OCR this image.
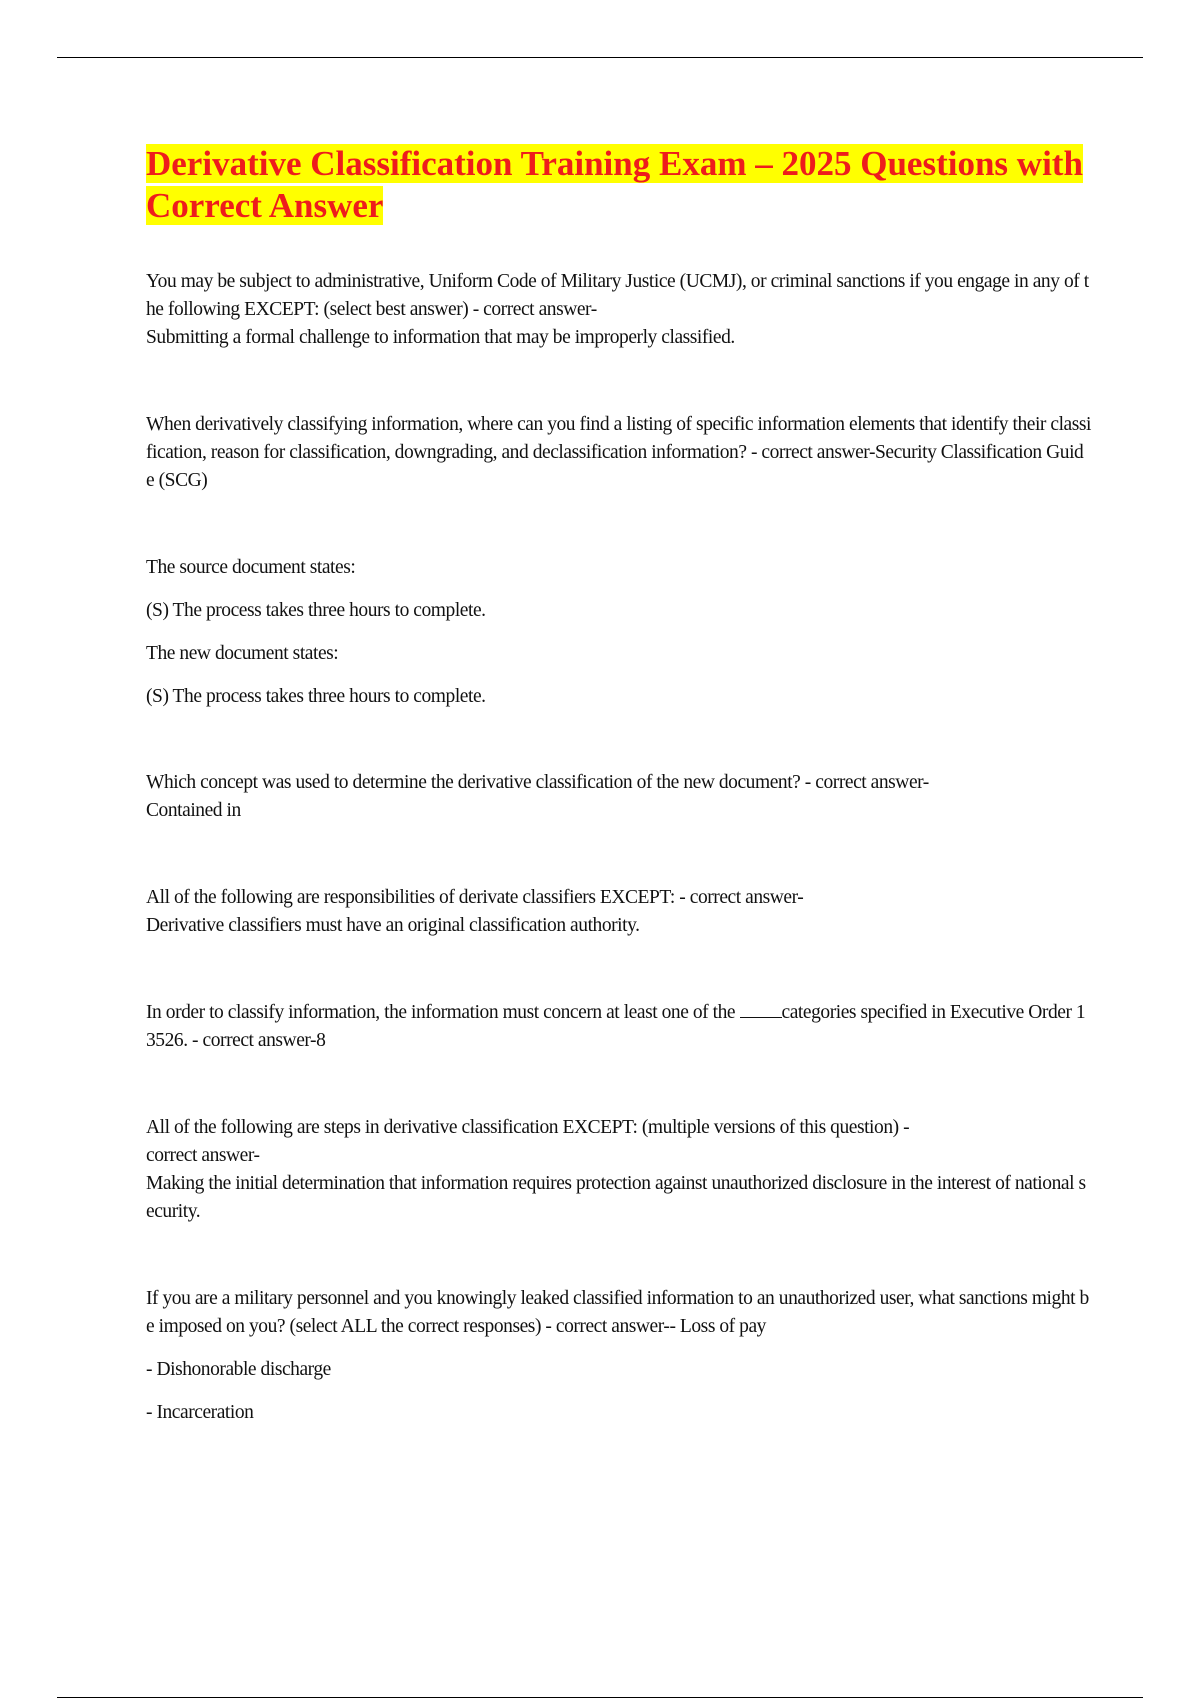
Derivative Classification Training Exam – 2025 Questions with Correct Answer

You may be subject to administrative, Uniform Code of Military Justice (UCMJ), or criminal sanctions if you engage in any of the following EXCEPT: (select best answer) - correct answer-
Submitting a formal challenge to information that may be improperly classified.

When derivatively classifying information, where can you find a listing of specific information elements that identify their classification, reason for classification, downgrading, and declassification information? - correct answer-Security Classification Guide (SCG)

The source document states:

(S) The process takes three hours to complete.

The new document states:

(S) The process takes three hours to complete.

Which concept was used to determine the derivative classification of the new document? - correct answer-
Contained in

All of the following are responsibilities of derivate classifiers EXCEPT: - correct answer-
Derivative classifiers must have an original classification authority.

In order to classify information, the information must concern at least one of the categories specified in Executive Order 13526. - correct answer-8

All of the following are steps in derivative classification EXCEPT: (multiple versions of this question) -
correct answer-
Making the initial determination that information requires protection against unauthorized disclosure in the interest of national security.

If you are a military personnel and you knowingly leaked classified information to an unauthorized user, what sanctions might be imposed on you? (select ALL the correct responses) - correct answer-- Loss of pay

- Dishonorable discharge

- Incarceration
